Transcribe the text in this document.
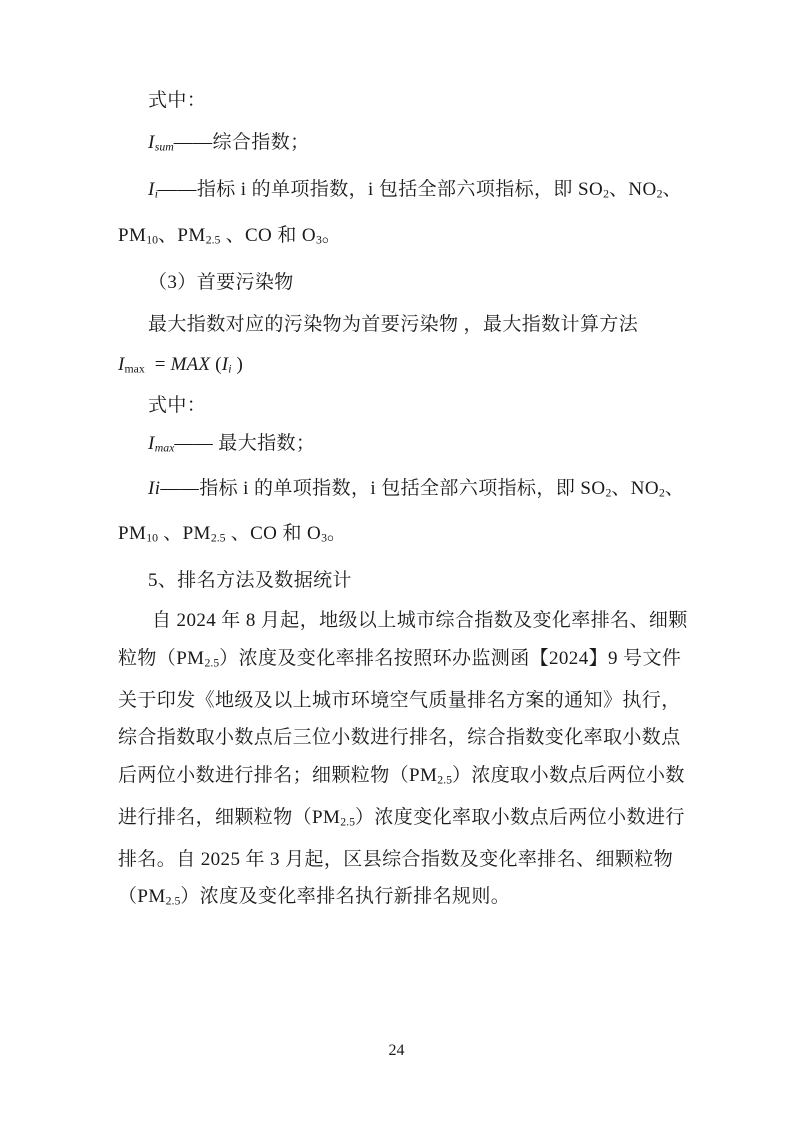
式中：
$I_{sum}——$综合指数；
$I_i——$指标 i 的单项指数，i 包括全部六项指标，即 $SO_2$、$NO_2$、
$PM_{10}$、$PM_{2.5}$ 、CO 和 $O_3$。
（3）首要污染物
最大指数对应的污染物为首要污染物 ，最大指数计算方法
$I_{max}$  = MAX ($I_i$ )
式中：
$I_{max}——$ 最大指数；
Ii——指标 i 的单项指数，i 包括全部六项指标，即 $SO_2$、$NO_2$、
$PM_{10}$ 、$PM_{2.5}$ 、CO 和 $O_3$。
5、排名方法及数据统计
自 2024 年 8 月起，地级以上城市综合指数及变化率排名、细颗
粒物$(PM_{2.5})$浓度及变化率排名按照环办监测函【2024】9 号文件
关于印发《地级及以上城市环境空气质量排名方案的通知》执行，
综合指数取小数点后三位小数进行排名，综合指数变化率取小数点
后两位小数进行排名；细颗粒物$(PM_{2.5})$浓度取小数点后两位小数
进行排名，细颗粒物$(PM_{2.5})$浓度变化率取小数点后两位小数进行
排名。自 2025 年 3 月起，区县综合指数及变化率排名、细颗粒物
$(PM_{2.5})$浓度及变化率排名执行新排名规则。
24
